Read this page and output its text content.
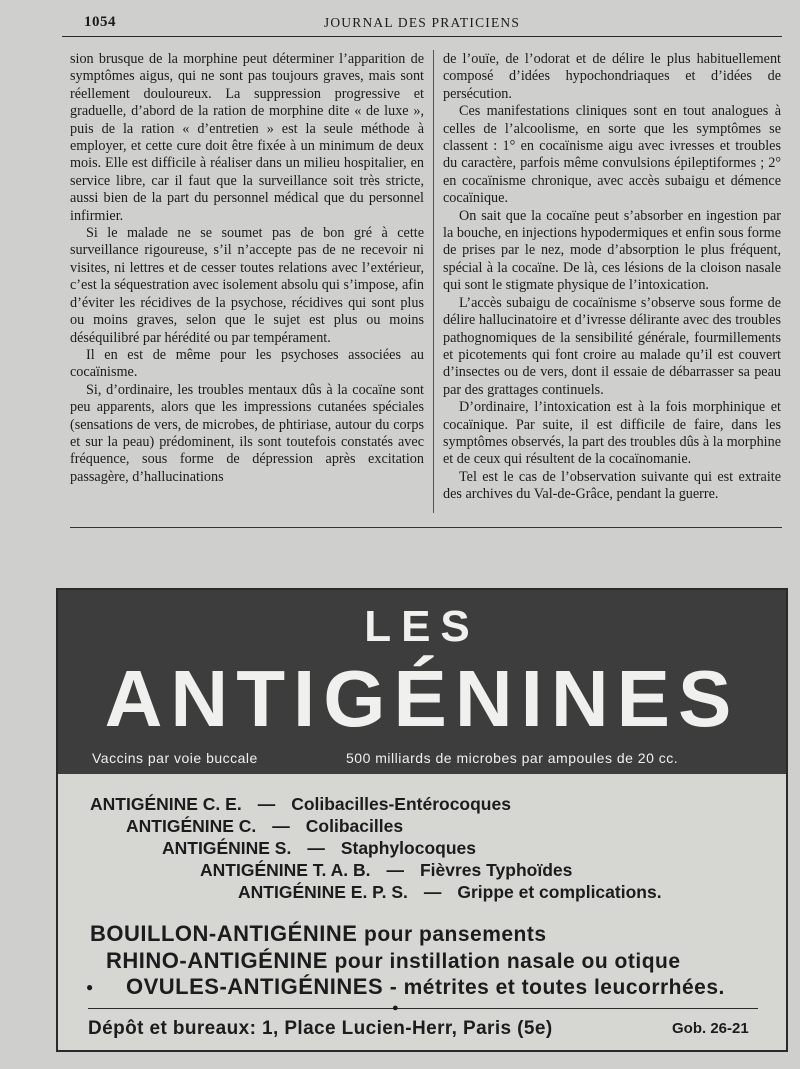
1054	JOURNAL DES PRATICIENS

sion brusque de la morphine peut déterminer l’apparition de symptômes aigus, qui ne sont pas toujours graves, mais sont réellement douloureux. La suppression progressive et graduelle, d’abord de la ration de morphine dite « de luxe », puis de la ration « d’entretien » est la seule méthode à employer, et cette cure doit être fixée à un minimum de deux mois. Elle est difficile à réaliser dans un milieu hospitalier, en service libre, car il faut que la surveillance soit très stricte, aussi bien de la part du personnel médical que du personnel infirmier.

Si le malade ne se soumet pas de bon gré à cette surveillance rigoureuse, s’il n’accepte pas de ne recevoir ni visites, ni lettres et de cesser toutes relations avec l’extérieur, c’est la séquestration avec isolement absolu qui s’impose, afin d’éviter les récidives de la psychose, récidives qui sont plus ou moins graves, selon que le sujet est plus ou moins déséquilibré par hérédité ou par tempérament.

Il en est de même pour les psychoses associées au cocaïnisme.

Si, d’ordinaire, les troubles mentaux dûs à la cocaïne sont peu apparents, alors que les impressions cutanées spéciales (sensations de vers, de microbes, de phtiriase, autour du corps et sur la peau) prédominent, ils sont toutefois constatés avec fréquence, sous forme de dépression après excitation passagère, d’hallucinations

de l’ouïe, de l’odorat et de délire le plus habituellement composé d’idées hypochondriaques et d’idées de persécution.

Ces manifestations cliniques sont en tout analogues à celles de l’alcoolisme, en sorte que les symptômes se classent : 1° en cocaïnisme aigu avec ivresses et troubles du caractère, parfois même convulsions épileptiformes ; 2° en cocaïnisme chronique, avec accès subaigu et démence cocaïnique.

On sait que la cocaïne peut s’absorber en ingestion par la bouche, en injections hypodermiques et enfin sous forme de prises par le nez, mode d’absorption le plus fréquent, spécial à la cocaïne. De là, ces lésions de la cloison nasale qui sont le stigmate physique de l’intoxication.

L’accès subaigu de cocaïnisme s’observe sous forme de délire hallucinatoire et d’ivresse délirante avec des troubles pathognomiques de la sensibilité générale, fourmillements et picotements qui font croire au malade qu’il est couvert d’insectes ou de vers, dont il essaie de débarrasser sa peau par des grattages continuels.

D’ordinaire, l’intoxication est à la fois morphinique et cocaïnique. Par suite, il est difficile de faire, dans les symptômes observés, la part des troubles dûs à la morphine et de ceux qui résultent de la cocaïnomanie.

Tel est le cas de l’observation suivante qui est extraite des archives du Val-de-Grâce, pendant la guerre.

LES
ANTIGÉNINES
Vaccins par voie buccale	500 milliards de microbes par ampoules de 20 cc.
ANTIGÉNINE C. E. — Colibacilles-Entérocoques
ANTIGÉNINE C. — Colibacilles
ANTIGÉNINE S. — Staphylocoques
ANTIGÉNINE T. A. B. — Fièvres Typhoïdes
ANTIGÉNINE E. P. S. — Grippe et complications.
BOUILLON-ANTIGÉNINE pour pansements
RHINO-ANTIGÉNINE pour instillation nasale ou otique
● OVULES-ANTIGÉNINES - métrites et toutes leucorrhées.
●
Dépôt et bureaux: 1, Place Lucien-Herr, Paris (5e)	Gob. 26-21
